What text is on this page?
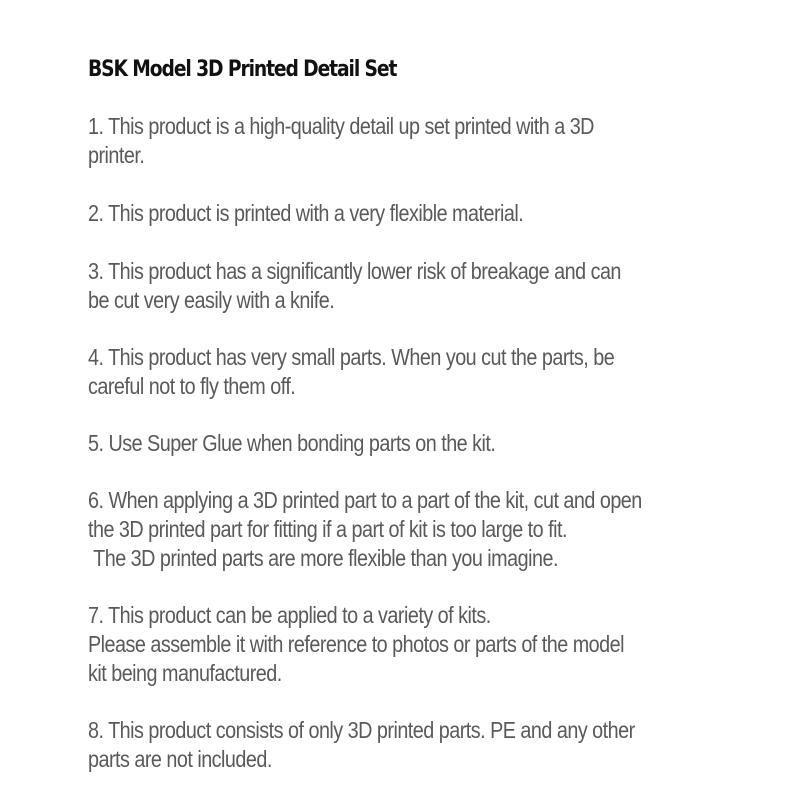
BSK Model 3D Printed Detail Set

1. This product is a high-quality detail up set printed with a 3D
printer.

2. This product is printed with a very flexible material.

3. This product has a significantly lower risk of breakage and can
be cut very easily with a knife.

4. This product has very small parts. When you cut the parts, be
careful not to fly them off.

5. Use Super Glue when bonding parts on the kit.

6. When applying a 3D printed part to a part of the kit, cut and open
the 3D printed part for fitting if a part of kit is too large to fit.
The 3D printed parts are more flexible than you imagine.

7. This product can be applied to a variety of kits.
Please assemble it with reference to photos or parts of the model
kit being manufactured.

8. This product consists of only 3D printed parts. PE and any other
parts are not included.
